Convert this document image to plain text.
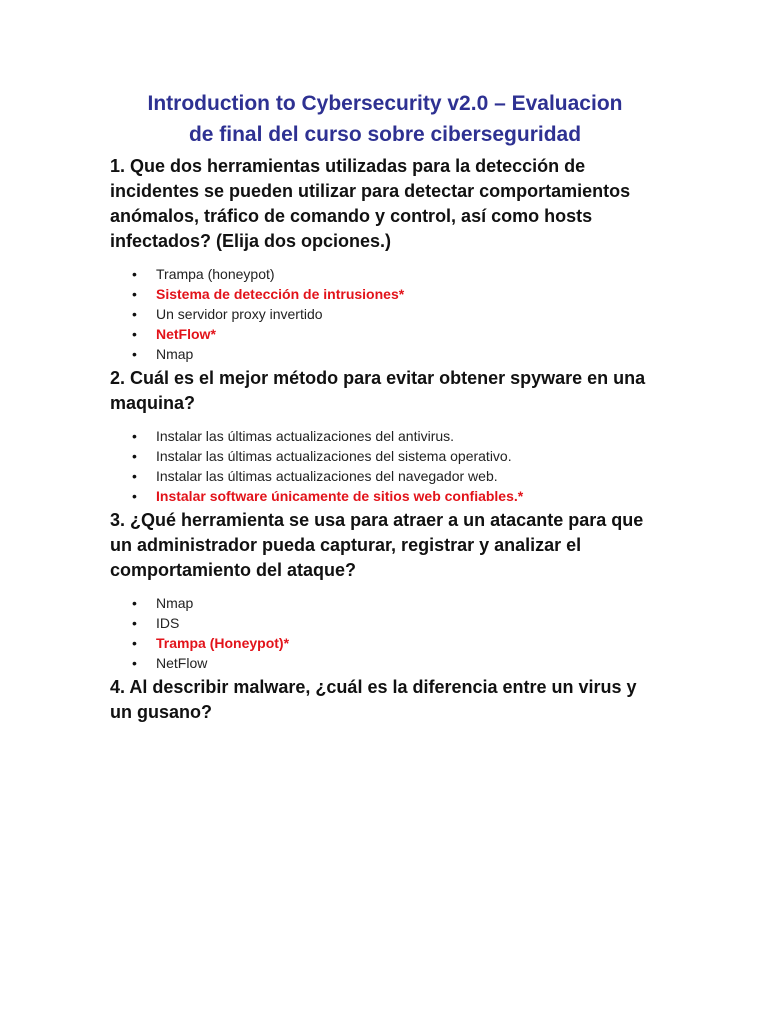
Introduction to Cybersecurity v2.0 – Evaluacion
de final del curso sobre ciberseguridad

1. Que dos herramientas utilizadas para la detección de incidentes se pueden utilizar para detectar comportamientos anómalos, tráfico de comando y control, así como hosts infectados? (Elija dos opciones.)

• Trampa (honeypot)
• Sistema de detección de intrusiones*
• Un servidor proxy invertido
• NetFlow*
• Nmap

2. Cuál es el mejor método para evitar obtener spyware en una maquina?

• Instalar las últimas actualizaciones del antivirus.
• Instalar las últimas actualizaciones del sistema operativo.
• Instalar las últimas actualizaciones del navegador web.
• Instalar software únicamente de sitios web confiables.*

3. ¿Qué herramienta se usa para atraer a un atacante para que un administrador pueda capturar, registrar y analizar el comportamiento del ataque?

• Nmap
• IDS
• Trampa (Honeypot)*
• NetFlow

4. Al describir malware, ¿cuál es la diferencia entre un virus y un gusano?
